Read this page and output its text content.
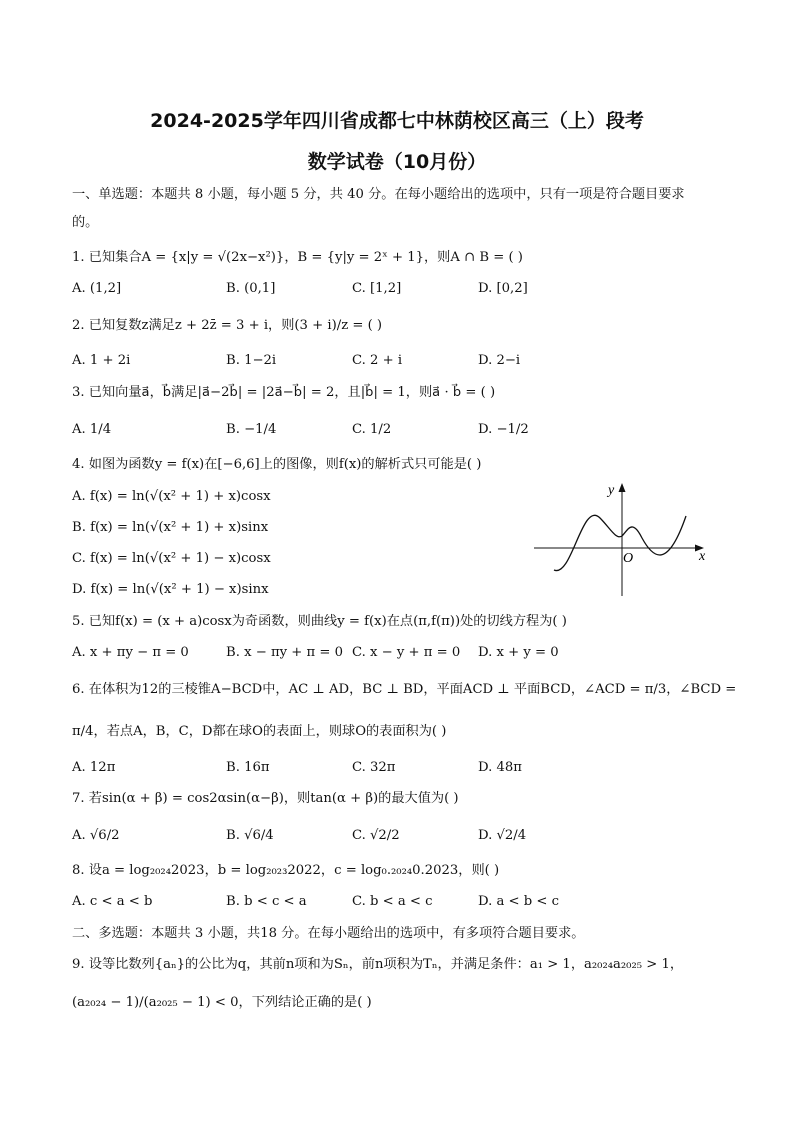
2024-2025学年四川省成都七中林荫校区高三（上）段考
数学试卷（10月份）
一、单选题：本题共 8 小题，每小题 5 分，共 40 分。在每小题给出的选项中，只有一项是符合题目要求
的。
1. 已知集合A = {x|y = √(2x−x²)}，B = {y|y = 2ˣ + 1}，则A ∩ B = ( )
A. (1,2]	B. (0,1]	C. [1,2]	D. [0,2]
2. 已知复数z满足z + 2z̄ = 3 + i，则(3 + i)/z = ( )
A. 1 + 2i	B. 1−2i	C. 2 + i	D. 2−i
3. 已知向量a⃗，b⃗满足|a⃗−2b⃗| = |2a⃗−b⃗| = 2，且|b⃗| = 1，则a⃗ · b⃗ = ( )
A. 1/4	B. −1/4	C. 1/2	D. −1/2
4. 如图为函数y = f(x)在[−6,6]上的图像，则f(x)的解析式只可能是( )
A. f(x) = ln(√(x² + 1) + x)cosx
B. f(x) = ln(√(x² + 1) + x)sinx
C. f(x) = ln(√(x² + 1) − x)cosx
D. f(x) = ln(√(x² + 1) − x)sinx
y
x
O
5. 已知f(x) = (x + a)cosx为奇函数，则曲线y = f(x)在点(π,f(π))处的切线方程为( )
A. x + πy − π = 0	B. x − πy + π = 0 C. x − y + π = 0 D. x + y = 0
6. 在体积为12的三棱锥A−BCD中，AC ⊥ AD，BC ⊥ BD，平面ACD ⊥ 平面BCD，∠ACD = π/3，∠BCD =
π/4，若点A，B，C，D都在球O的表面上，则球O的表面积为( )
A. 12π	B. 16π	C. 32π	D. 48π
7. 若sin(α + β) = cos2αsin(α−β)，则tan(α + β)的最大值为( )
A. √6/2	B. √6/4	C. √2/2	D. √2/4
8. 设a = log₂₀₂₄2023，b = log₂₀₂₃2022，c = log₀.₂₀₂₄0.2023，则( )
A. c < a < b	B. b < c < a	C. b < a < c	D. a < b < c
二、多选题：本题共 3 小题，共18 分。在每小题给出的选项中，有多项符合题目要求。
9. 设等比数列{aₙ}的公比为q，其前n项和为Sₙ，前n项积为Tₙ，并满足条件：a₁ > 1，a₂₀₂₄a₂₀₂₅ > 1，
(a₂₀₂₄ − 1)/(a₂₀₂₅ − 1) < 0，下列结论正确的是( )
